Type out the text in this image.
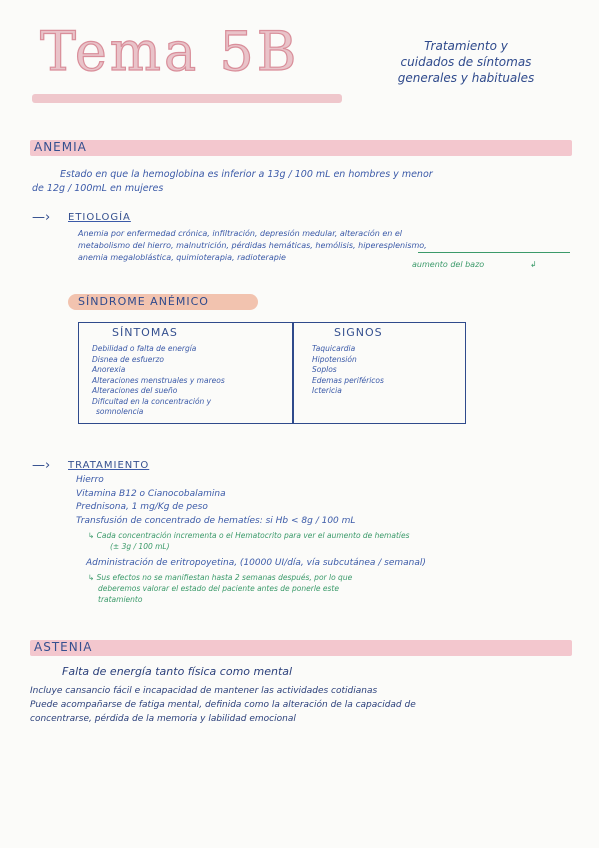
Tema 5B	Tratamiento y
cuidados de síntomas
generales y habituales
ANEMIA
Estado en que la hemoglobina es inferior a 13g / 100 mL en hombres y menor
de 12g / 100mL en mujeres
—› ETIOLOGÍA
Anemia por enfermedad crónica, infiltración, depresión medular, alteración en el
metabolismo del hierro, malnutrición, pérdidas hemáticas, hemólisis, hiperesplenismo,
anemia megaloblástica, quimioterapia, radioterapie
aumento del bazo	↲
SÍNDROME ANÉMICO
SÍNTOMAS
Debilidad o falta de energía
Disnea de esfuerzo
Anorexia
Alteraciones menstruales y mareos
Alteraciones del sueño
Dificultad en la concentración y
somnolencia
SIGNOS
Taquicardia
Hipotensión
Soplos
Edemas periféricos
Ictericia
—› TRATAMIENTO
Hierro
Vitamina B12 o Cianocobalamina
Prednisona, 1 mg/Kg de peso
Transfusión de concentrado de hematíes: si Hb < 8g / 100 mL
↳ Cada concentración incrementa o el Hematocrito para ver el aumento de hematíes
(± 3g / 100 mL)
Administración de eritropoyetina, (10000 UI/día, vía subcutánea / semanal)
↳ Sus efectos no se manifiestan hasta 2 semanas después, por lo que
deberemos valorar el estado del paciente antes de ponerle este
tratamiento
ASTENIA
Falta de energía tanto física como mental
Incluye cansancio fácil e incapacidad de mantener las actividades cotidianas
Puede acompañarse de fatiga mental, definida como la alteración de la capacidad de
concentrarse, pérdida de la memoria y labilidad emocional
